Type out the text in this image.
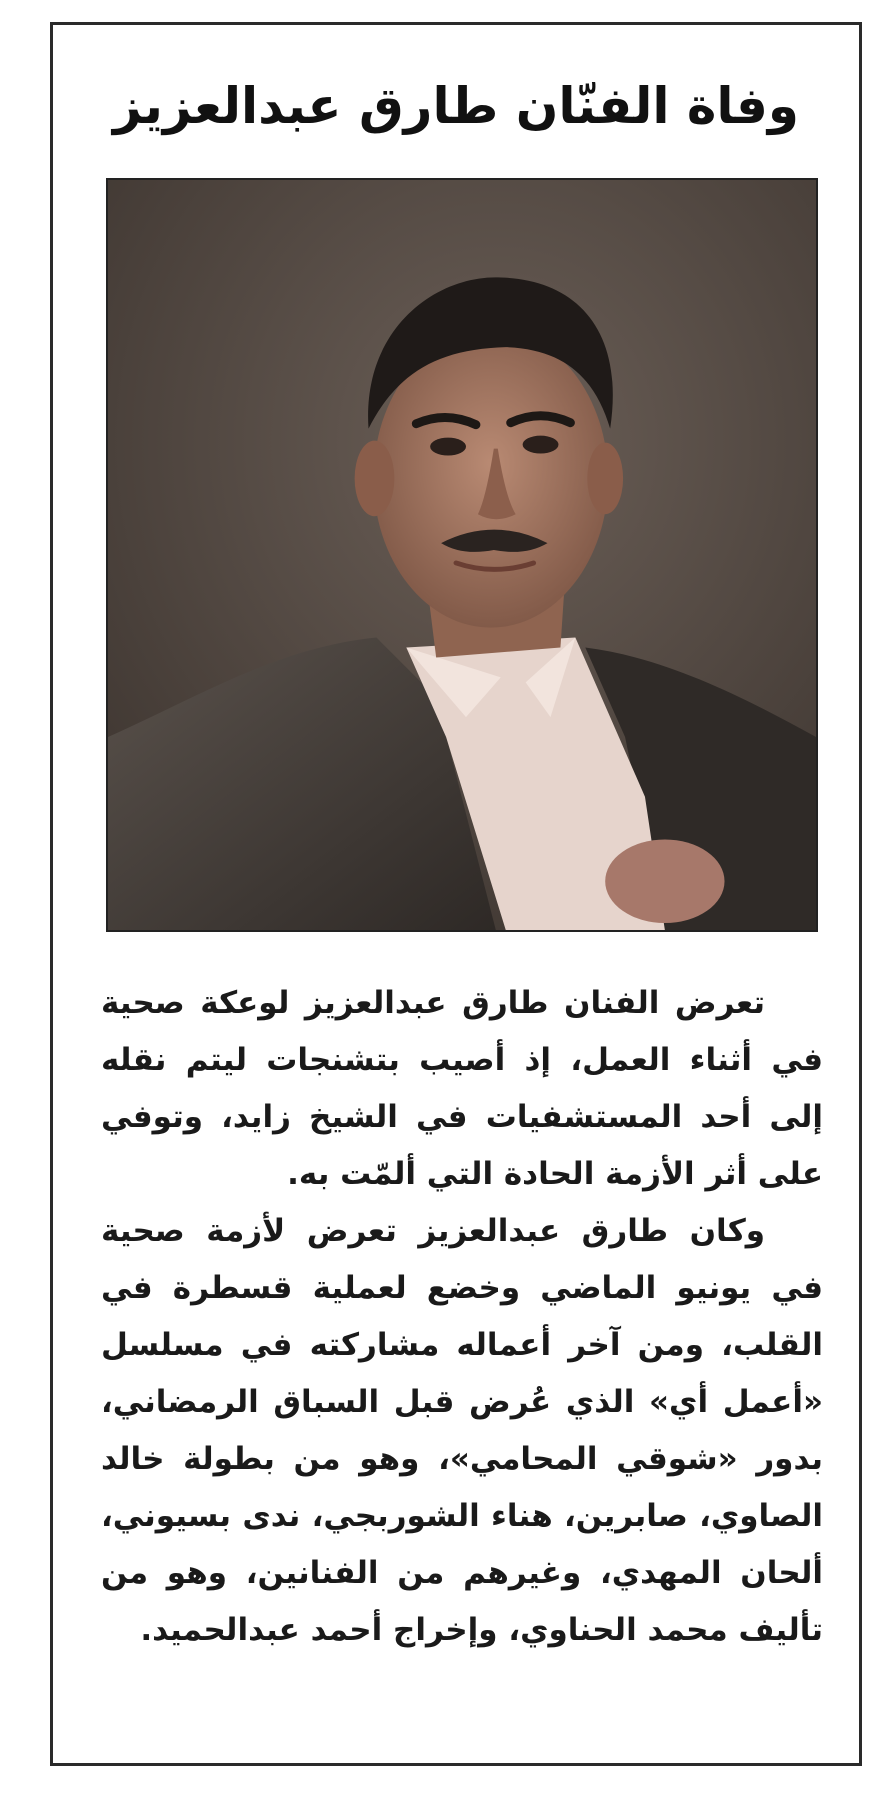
وفاة الفنّان طارق عبدالعزيز

تعرض الفنان طارق عبدالعزيز لوعكة صحية في أثناء العمل، إذ أصيب بتشنجات ليتم نقله إلى أحد المستشفيات في الشيخ زايد، وتوفي على أثر الأزمة الحادة التي ألمّت به.

وكان طارق عبدالعزيز تعرض لأزمة صحية في يونيو الماضي وخضع لعملية قسطرة في القلب، ومن آخر أعماله مشاركته في مسلسل «أعمل أي» الذي عُرض قبل السباق الرمضاني، بدور «شوقي المحامي»، وهو من بطولة خالد الصاوي، صابرين، هناء الشوربجي، ندى بسيوني، ألحان المهدي، وغيرهم من الفنانين، وهو من تأليف محمد الحناوي، وإخراج أحمد عبدالحميد.
